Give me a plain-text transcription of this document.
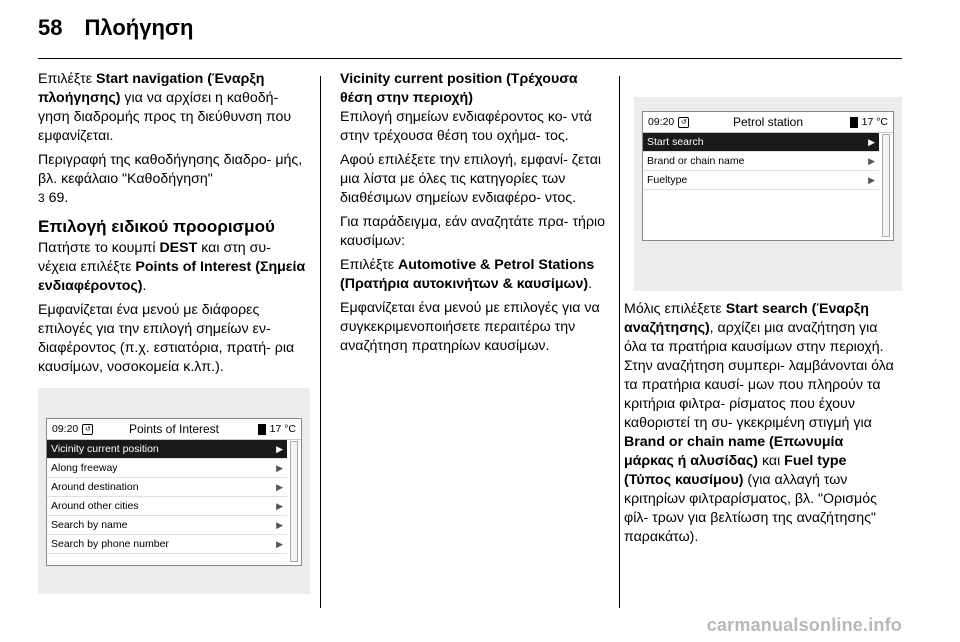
58 Πλοήγηση

Επιλέξτε Start navigation (Έναρξη πλοήγησης) για να αρχίσει η καθοδή- γηση διαδρομής προς τη διεύθυνση που εμφανίζεται.

Περιγραφή της καθοδήγησης διαδρο- μής, βλ. κεφάλαιο "Καθοδήγηση"
3 69.

Επιλογή ειδικού προορισμού

Πατήστε το κουμπί DEST και στη συ- νέχεια επιλέξτε Points of Interest (Σημεία ενδιαφέροντος).

Εμφανίζεται ένα μενού με διάφορες επιλογές για την επιλογή σημείων εν- διαφέροντος (π.χ. εστιατόρια, πρατή- ρια καυσίμων, νοσοκομεία κ.λπ.).

09:20 ↺	Points of Interest	17 °C
Vicinity current position	▶
Along freeway	▶
Around destination	▶
Around other cities	▶
Search by name	▶
Search by phone number	▶

Vicinity current position (Τρέχουσα θέση στην περιοχή)
Επιλογή σημείων ενδιαφέροντος κο- ντά στην τρέχουσα θέση του οχήμα- τος.

Αφού επιλέξετε την επιλογή, εμφανί- ζεται μια λίστα με όλες τις κατηγορίες των διαθέσιμων σημείων ενδιαφέρο- ντος.

Για παράδειγμα, εάν αναζητάτε πρα- τήριο καυσίμων:

Επιλέξτε Automotive & Petrol Stations (Πρατήρια αυτοκινήτων & καυσίμων).

Εμφανίζεται ένα μενού με επιλογές για να συγκεκριμενοποιήσετε περαιτέρω την αναζήτηση πρατηρίων καυσίμων.

09:20 ↺	Petrol station	17 °C
Start search	▶
Brand or chain name	▶
Fueltype	▶

Μόλις επιλέξετε Start search (Έναρξη αναζήτησης), αρχίζει μια αναζήτηση για όλα τα πρατήρια καυσίμων στην περιοχή. Στην αναζήτηση συμπερι- λαμβάνονται όλα τα πρατήρια καυσί- μων που πληρούν τα κριτήρια φιλτρα- ρίσματος που έχουν καθοριστεί τη συ- γκεκριμένη στιγμή για Brand or chain name (Επωνυμία μάρκας ή αλυσίδας) και Fuel type (Τύπος καυσίμου) (για αλλαγή των κριτηρίων φιλτραρίσματος, βλ. "Ορισμός φίλ- τρων για βελτίωση της αναζήτησης" παρακάτω).

carmanualsonline.info
